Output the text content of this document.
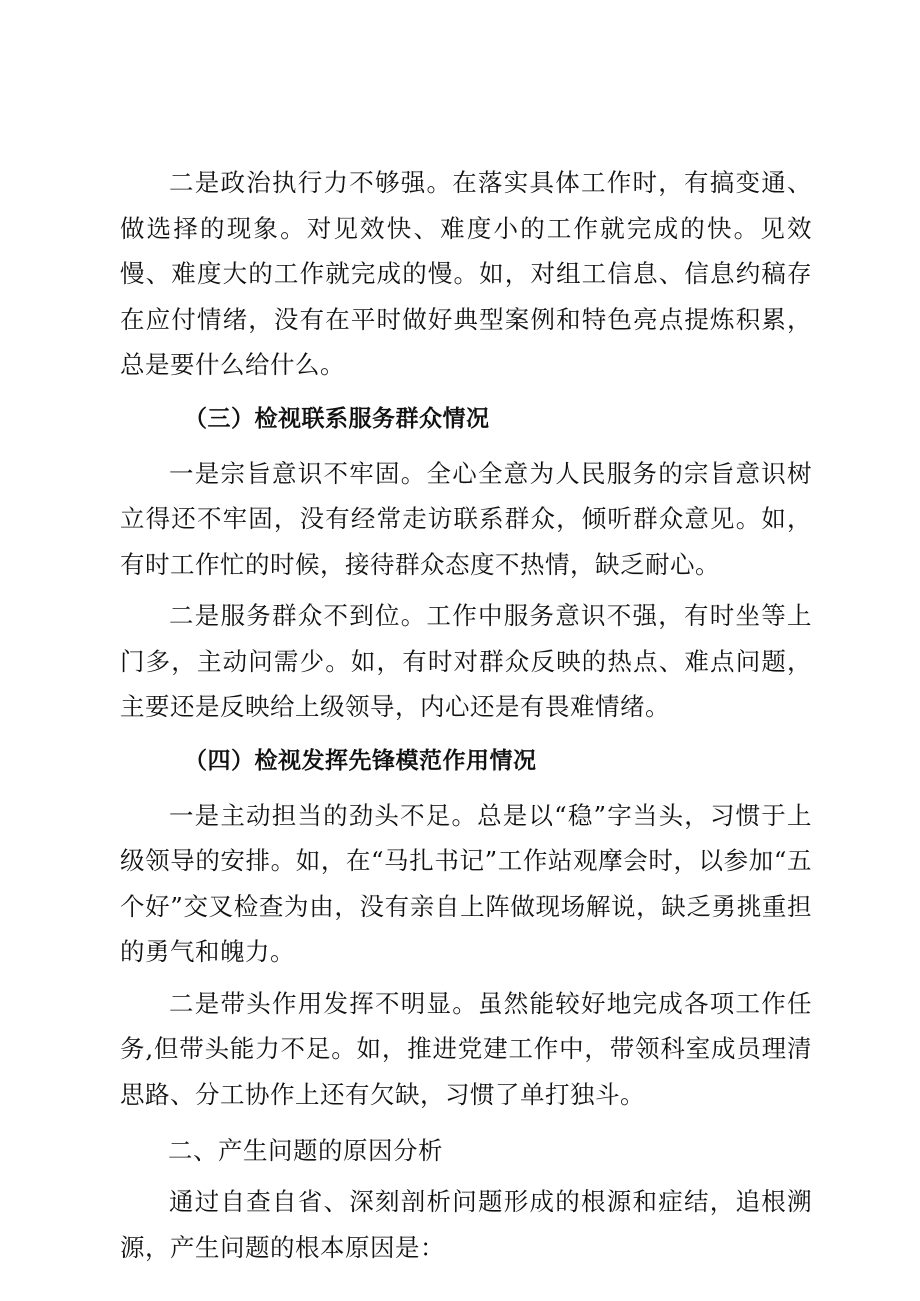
二是政治执行力不够强。在落实具体工作时，有搞变通、做选择的现象。对见效快、难度小的工作就完成的快。见效慢、难度大的工作就完成的慢。如，对组工信息、信息约稿存在应付情绪，没有在平时做好典型案例和特色亮点提炼积累，总是要什么给什么。

（三）检视联系服务群众情况

一是宗旨意识不牢固。全心全意为人民服务的宗旨意识树立得还不牢固，没有经常走访联系群众，倾听群众意见。如，有时工作忙的时候，接待群众态度不热情，缺乏耐心。

二是服务群众不到位。工作中服务意识不强，有时坐等上门多，主动问需少。如，有时对群众反映的热点、难点问题，主要还是反映给上级领导，内心还是有畏难情绪。

（四）检视发挥先锋模范作用情况

一是主动担当的劲头不足。总是以“稳”字当头，习惯于上级领导的安排。如，在“马扎书记”工作站观摩会时，以参加“五个好”交叉检查为由，没有亲自上阵做现场解说，缺乏勇挑重担的勇气和魄力。

二是带头作用发挥不明显。虽然能较好地完成各项工作任务,但带头能力不足。如，推进党建工作中，带领科室成员理清思路、分工协作上还有欠缺，习惯了单打独斗。

二、产生问题的原因分析

通过自查自省、深刻剖析问题形成的根源和症结，追根溯源，产生问题的根本原因是：
